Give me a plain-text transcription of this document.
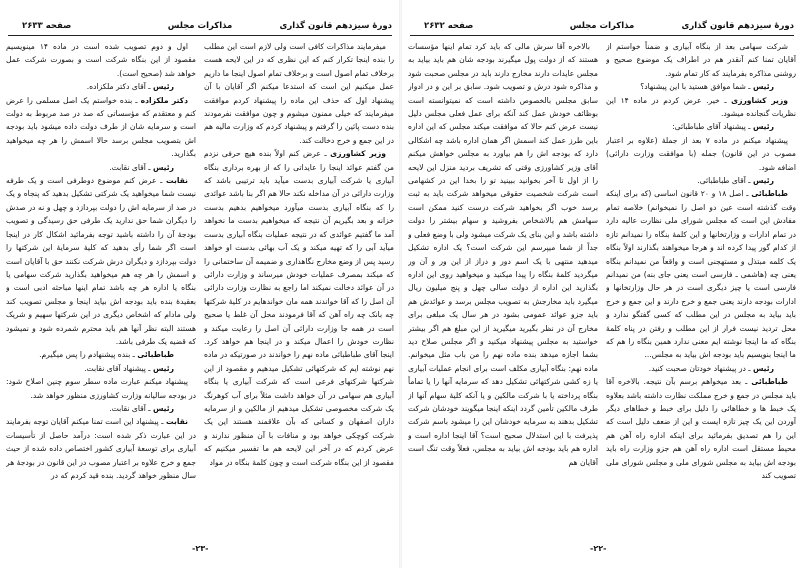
دورهٔ سیزدهم قانون گذاری
مذاکرات مجلس
صفحه ۲۶۳۳

میفرمایند مذاکرات کافی است ولی لازم است این مطلب را بنده اینجا تکرار کنم که این نظری که در این لایحه هست برخلاف تمام اصول است و برخلاف تمام اصول اینجا ما داریم عمل میکنیم این است که استدعا میکنم اگر آقایان با آن پیشنهاد اول که حذف این ماده را پیشنهاد کردم موافقت میفرمایند که خیلی ممنون میشوم و چون موافقت نفرمودند بنده دست پائین را گرفتم و پیشنهاد کردم که وزارت مالیه هم در این جمع و خرج دخالت کند.

وزیر کشاورزی ـ عرض کنم اولاً بنده هیچ حرفی نزدم من گفتم عوائد اینجا را عایداتی را که از بهره برداری بنگاه آبیاری یا شرکت آبیاری بدست میآید باید ترتیبی باشد که وزارت دارائی در آن مداخله نکند حالا هم اگر بنا باشد عوائدی را که بنگاه آبیاری بدست میآورد میخواهیم بدهیم بدست خزانه و بعد بگیریم آن نتیجه که میخواهیم بدست ما نخواهد آمد ما گفتیم عوائدی که در نتیجه عملیات بنگاه آبیاری بدست میآید آبی را که تهیه میکند و یک آب بهائی بدست او خواهد رسید پس از وضع مخارج نگاهداری و ضمیمه آن ساختمانی را که میکند بمصرف عملیات خودش میرساند و وزارت دارائی در آن عوائد دخالت نمیکند اما راجع به نظارت وزارت دارائی آن اصل را که آقا خواندند همه مان خواندهایم در کلیهٔ شرکتها چه بانک چه راه آهن که آقا فرمودند محل آن غلط یا صحیح است در همه جا وزارت دارائی آن اصل را رعایت میکند و نظارت خودش را اعمال میکند و در اینجا هم خواهد کرد. اینجا آقای طباطبائی ماده نهم را خواندند در صورتیکه در ماده نهم نوشته ایم که شرکتهائی تشکیل میدهیم و مقصود از این شرکتها شرکتهای فرعی است که شرکت آبیاری یا بنگاه آبیاری هم سهامی در آن خواهد داشت مثلاً برای آب کوهرنگ یک شرکت مخصوصی تشکیل میدهیم از مالکین و از سرمایه داران اصفهان و کسانی که بآن علاقمند هستند این یک شرکت کوچکی خواهد بود و منافات با آن منظور ندارند و عرض کردم که در آخر این لایحه هم ما تفسیر میکنیم که مقصود از این بنگاه شرکت است و چون کلمهٔ بنگاه در مواد

اول و دوم تصویب شده است در ماده ۱۴ مینویسیم مقصود از این بنگاه شرکت است و بصورت شرکت عمل خواهد شد (صحیح است).

رئیس ـ آقای دکتر ملکزاده.

دکتر ملکزاده ـ بنده خواستم یک اصل مسلمی را عرض کنم و معتقدم که مؤسساتی که صد در صد مربوط به دولت است و سرمایه شان از طرف دولت داده میشود باید بودجه اش بتصویب مجلس برسد حالا اسمش را هر چه میخواهید بگذارید.

رئیس ـ آقای نقابت.

نقابت ـ عرض کنم موضوع دوطرفی است و یک طرفه نیست شما میخواهید یک شرکتی تشکیل بدهید که پنجاه و یک در صد از سرمایه اش را دولت بپردازد و چهل و نه در صدش را دیگران شما حق ندارید یک طرفی حق رسیدگی و تصویب بودجهٔ آن را داشته باشید توجه بفرمائید اشکال کار در اینجا است اگر شما رأی بدهید که کلیهٔ سرمایهٔ این شرکتها را دولت بپردازد و دیگران درش شرکت نکنند حق با آقایان است و اسمش را هر چه هم میخواهید بگذارید شرکت سهامی یا بنگاه یا اداره هر چه باشد تمام اینها مباحثه ادبی است و بعقیدهٔ بنده باید بودجه اش بیاید اینجا و مجلس تصویب کند ولی مادام که اشخاص دیگری در این شرکتها سهیم و شریک هستند البته نظر آنها هم باید محترم شمرده شود و نمیشود که قضیه یک طرفی باشد.

طباطبائی ـ بنده پیشنهادم را پس میگیرم.

رئیس ـ پیشنهاد آقای نقابت.

پیشنهاد میکنم عبارت ماده سطر سوم چنین اصلاح شود: در بودجه سالیانه وزارت کشاورزی منظور خواهد شد.

رئیس ـ آقای نقابت.

نقابت ـ پیشنهاد این است تمنا میکنم آقایان توجه بفرمایند در این عبارت ذکر شده است: درآمد حاصل از تأسیسات آبیاری برای توسعهٔ آبیاری کشور اختصاص داده شده از حیث جمع و خرج علاوه بر اعتبار مصوب در این قانون در بودجهٔ هر سال منظور خواهد گردید. بنده قید کردم که در

-۲۳-
دورهٔ سیزدهم قانون گذاری
مذاکرات مجلس
صفحه ۲۶۳۲

شرکت سهامی بعد از بنگاه آبیاری و ضمناً خواستم از آقایان تمنا کنم آنقدر هم در اطراف یک موضوع صحیح و روشنی مذاکره بفرمایند که کار تمام شود.

رئیس ـ شما موافق هستید با این پیشنهاد؟

وزیر کشاورزی ـ خیر. عرض کردم در ماده ۱۴ این نظریات گنجانده میشود.

رئیس ـ پیشنهاد آقای طباطبائی:

پیشنهاد میکنم در ماده ۷ بعد از جملهٔ (علاوه بر اعتبار مصوب در این قانون) جمله (با موافقت وزارت دارائی) اضافه شود.

رئیس ـ آقای طباطبائی.

طباطبائی ـ اصل ۱۸ و ۲۰ قانون اساسی (که برای اینکه وقت گذشته است عین دو اصل را نمیخوانم) خلاصه تمام مفادش این است که مجلس شورای ملی نظارت عالیه دارد در تمام ادارات و وزارتخانها و این کلمهٔ بنگاه را نمیدانم تازه از کدام گور پیدا کرده اند و هرجا میخواهند بگذارند اولاً بنگاه یک کلمه مبتذل و مستهجنی است و واقعاً من نمیدانم بنگاه یعنی چه (هاشمی ـ فارسی است یعنی جای بنه) من نمیدانم فارسی است یا چیز دیگری است در هر حال وزارتخانها و ادارات بودجه دارند یعنی جمع و خرج دارند و این جمع و خرج باید بیاید به مجلس در این مطلب که کسی گفتگو ندارد و محل تردید نیست فرار از این مطلب و رفتن در پناه کلمهٔ بنگاه که ما اینجا نوشته ایم معنی ندارد همین بنگاه را هم که ما اینجا بنویسیم باید بودجه اش بیاید به مجلس...

رئیس ـ در پیشنهاد خودتان صحبت کنید.

طباطبائی ـ بعد میخواهم برسم بآن نتیجه. بالاخره آقا باید مجلس در جمع و خرج مملکت نظارت داشته باشد بعلاوه یک خبط ها و خطاهائی را دلیل برای خبط و خطاهای دیگر آوردن این یک چیز تازه ایست و این از ضعف دلیل است که این را هم تصدیق بفرمائید برای اینکه اداره راه آهن هم محیط مستقل است اداره راه آهن هم جزو وزارت راه باید بودجه اش بیاید به مجلس شورای ملی و مجلس شورای ملی تصویب کند

بالاخره آقا سرش مالی که باید کرد تمام اینها مؤسسات هستند که از دولت پول میگیرند بودجه شان هم باید بیاید به مجلس عایدات دارند مخارج دارند باید در مجلس صحبت شود و مذاکره شود درش و تصویب شود. سابق بر این و در ادوار سابق مجلس بالخصوص داشته است که نمیتوانسته است بوظائف خودش عمل کند آنکه برای عمل فعلی مجلس دلیل نیست عرض کنم حالا که موافقت میکند مجلس که این اداره باین طرز عمل کند اسمش اگر همان اداره باشد چه اشکالی دارد که بودجه اش را هم بیاورد به مجلس خواهش میکنم آقای وزیر کشاورزی وقتی که تشریف بردید منزل این لایحه را از اول تا آخر بخوانید ببینید تو را بخدا این در کشهامی است شرکت شخصیت حقوقی میخواهد شرکت باید به ثبت برسد خوب اگر بخواهید شرکت درست کنید ممکن است سهامش هم بالاشخاص بفروشید و سهام بیشتر را دولت داشته باشد و این بنای یک شرکت میشود ولی با وضع فعلی و جداً از شما میپرسم این شرکت است؟ یک اداره تشکیل میدهید منتهی با یک اسم دور و دراز از این ور و آن ور میگردید کلمهٔ بنگاه را پیدا میکنید و میخواهید روی این اداره بگذارید این اداره از دولت سالی چهل و پنج میلیون ریال میگیرد باید مخارجش به تصویب مجلس برسد و عوائدش هم باید جزو عوائد عمومی بشود در هر سال یک مبلغی برای مخارج آن در نظر بگیرید میگیرید از این مبلغ هم اگر بیشتر خواستید به مجلس پیشنهاد میکنید و اگر مجلس صلاح دید بشما اجازه میدهد بنده ماده نهم را من باب مثل میخوانم. ماده نهم: بنگاه آبیاری مکلف است برای انجام عملیات آبیاری یا زه کشی شرکتهائی تشکیل دهد که سرمایه آنها را یا تماماً بنگاه پرداخته یا با شرکت مالکین و یا آنکه کلیهٔ سهام آنها از طرف مالکین تأمین گردد اینکه اینجا میگویند خودشان شرکت تشکیل بدهند به سرمایه خودشان این را میشود باسم شرکت پذیرفت با این استدلال صحیح است؟ آقا اینجا اداره است و اداره هم باید بودجه اش بیاید به مجلس، فعلاً وقت تنگ است آقایان هم

-۲۲-
